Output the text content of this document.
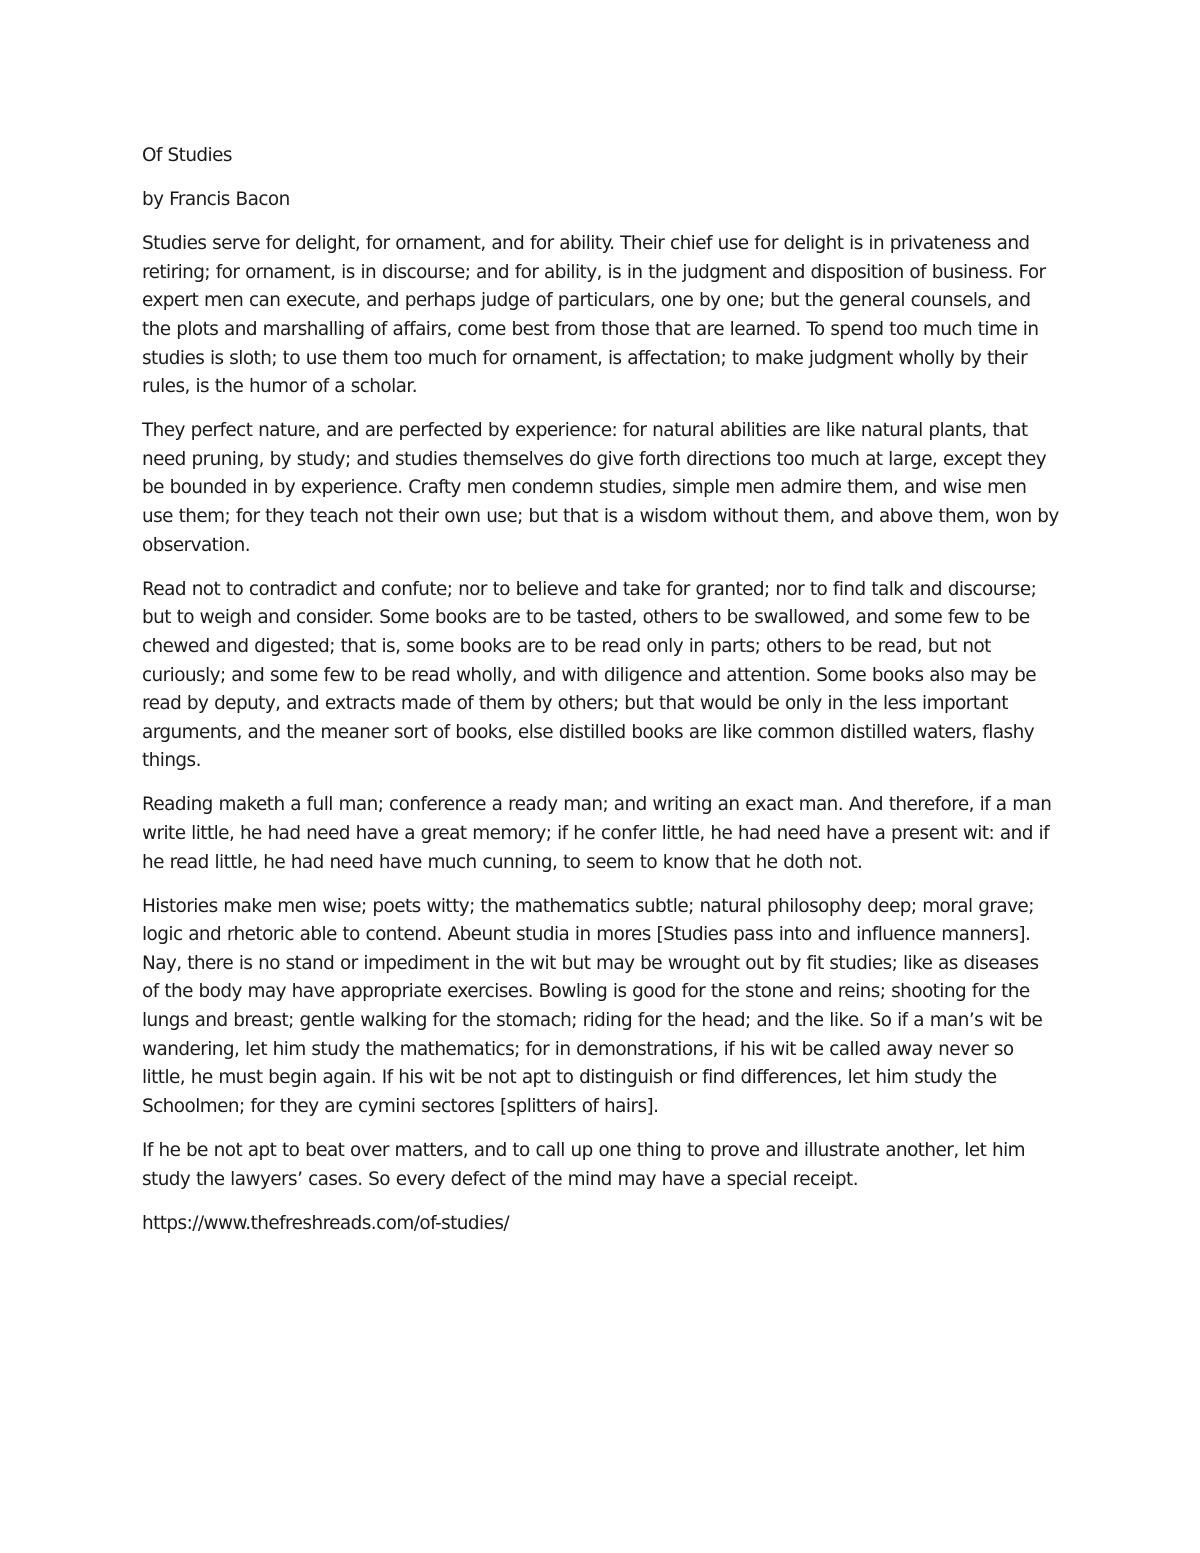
Of Studies

by Francis Bacon

Studies serve for delight, for ornament, and for ability. Their chief use for delight is in privateness and retiring; for ornament, is in discourse; and for ability, is in the judgment and disposition of business. For expert men can execute, and perhaps judge of particulars, one by one; but the general counsels, and the plots and marshalling of affairs, come best from those that are learned. To spend too much time in studies is sloth; to use them too much for ornament, is affectation; to make judgment wholly by their rules, is the humor of a scholar.

They perfect nature, and are perfected by experience: for natural abilities are like natural plants, that need pruning, by study; and studies themselves do give forth directions too much at large, except they be bounded in by experience. Crafty men condemn studies, simple men admire them, and wise men use them; for they teach not their own use; but that is a wisdom without them, and above them, won by observation.

Read not to contradict and confute; nor to believe and take for granted; nor to find talk and discourse; but to weigh and consider. Some books are to be tasted, others to be swallowed, and some few to be chewed and digested; that is, some books are to be read only in parts; others to be read, but not curiously; and some few to be read wholly, and with diligence and attention. Some books also may be read by deputy, and extracts made of them by others; but that would be only in the less important arguments, and the meaner sort of books, else distilled books are like common distilled waters, flashy things.

Reading maketh a full man; conference a ready man; and writing an exact man. And therefore, if a man write little, he had need have a great memory; if he confer little, he had need have a present wit: and if he read little, he had need have much cunning, to seem to know that he doth not.

Histories make men wise; poets witty; the mathematics subtle; natural philosophy deep; moral grave; logic and rhetoric able to contend. Abeunt studia in mores [Studies pass into and influence manners]. Nay, there is no stand or impediment in the wit but may be wrought out by fit studies; like as diseases of the body may have appropriate exercises. Bowling is good for the stone and reins; shooting for the lungs and breast; gentle walking for the stomach; riding for the head; and the like. So if a man’s wit be wandering, let him study the mathematics; for in demonstrations, if his wit be called away never so little, he must begin again. If his wit be not apt to distinguish or find differences, let him study the Schoolmen; for they are cymini sectores [splitters of hairs].

If he be not apt to beat over matters, and to call up one thing to prove and illustrate another, let him study the lawyers’ cases. So every defect of the mind may have a special receipt.

https://www.thefreshreads.com/of-studies/
